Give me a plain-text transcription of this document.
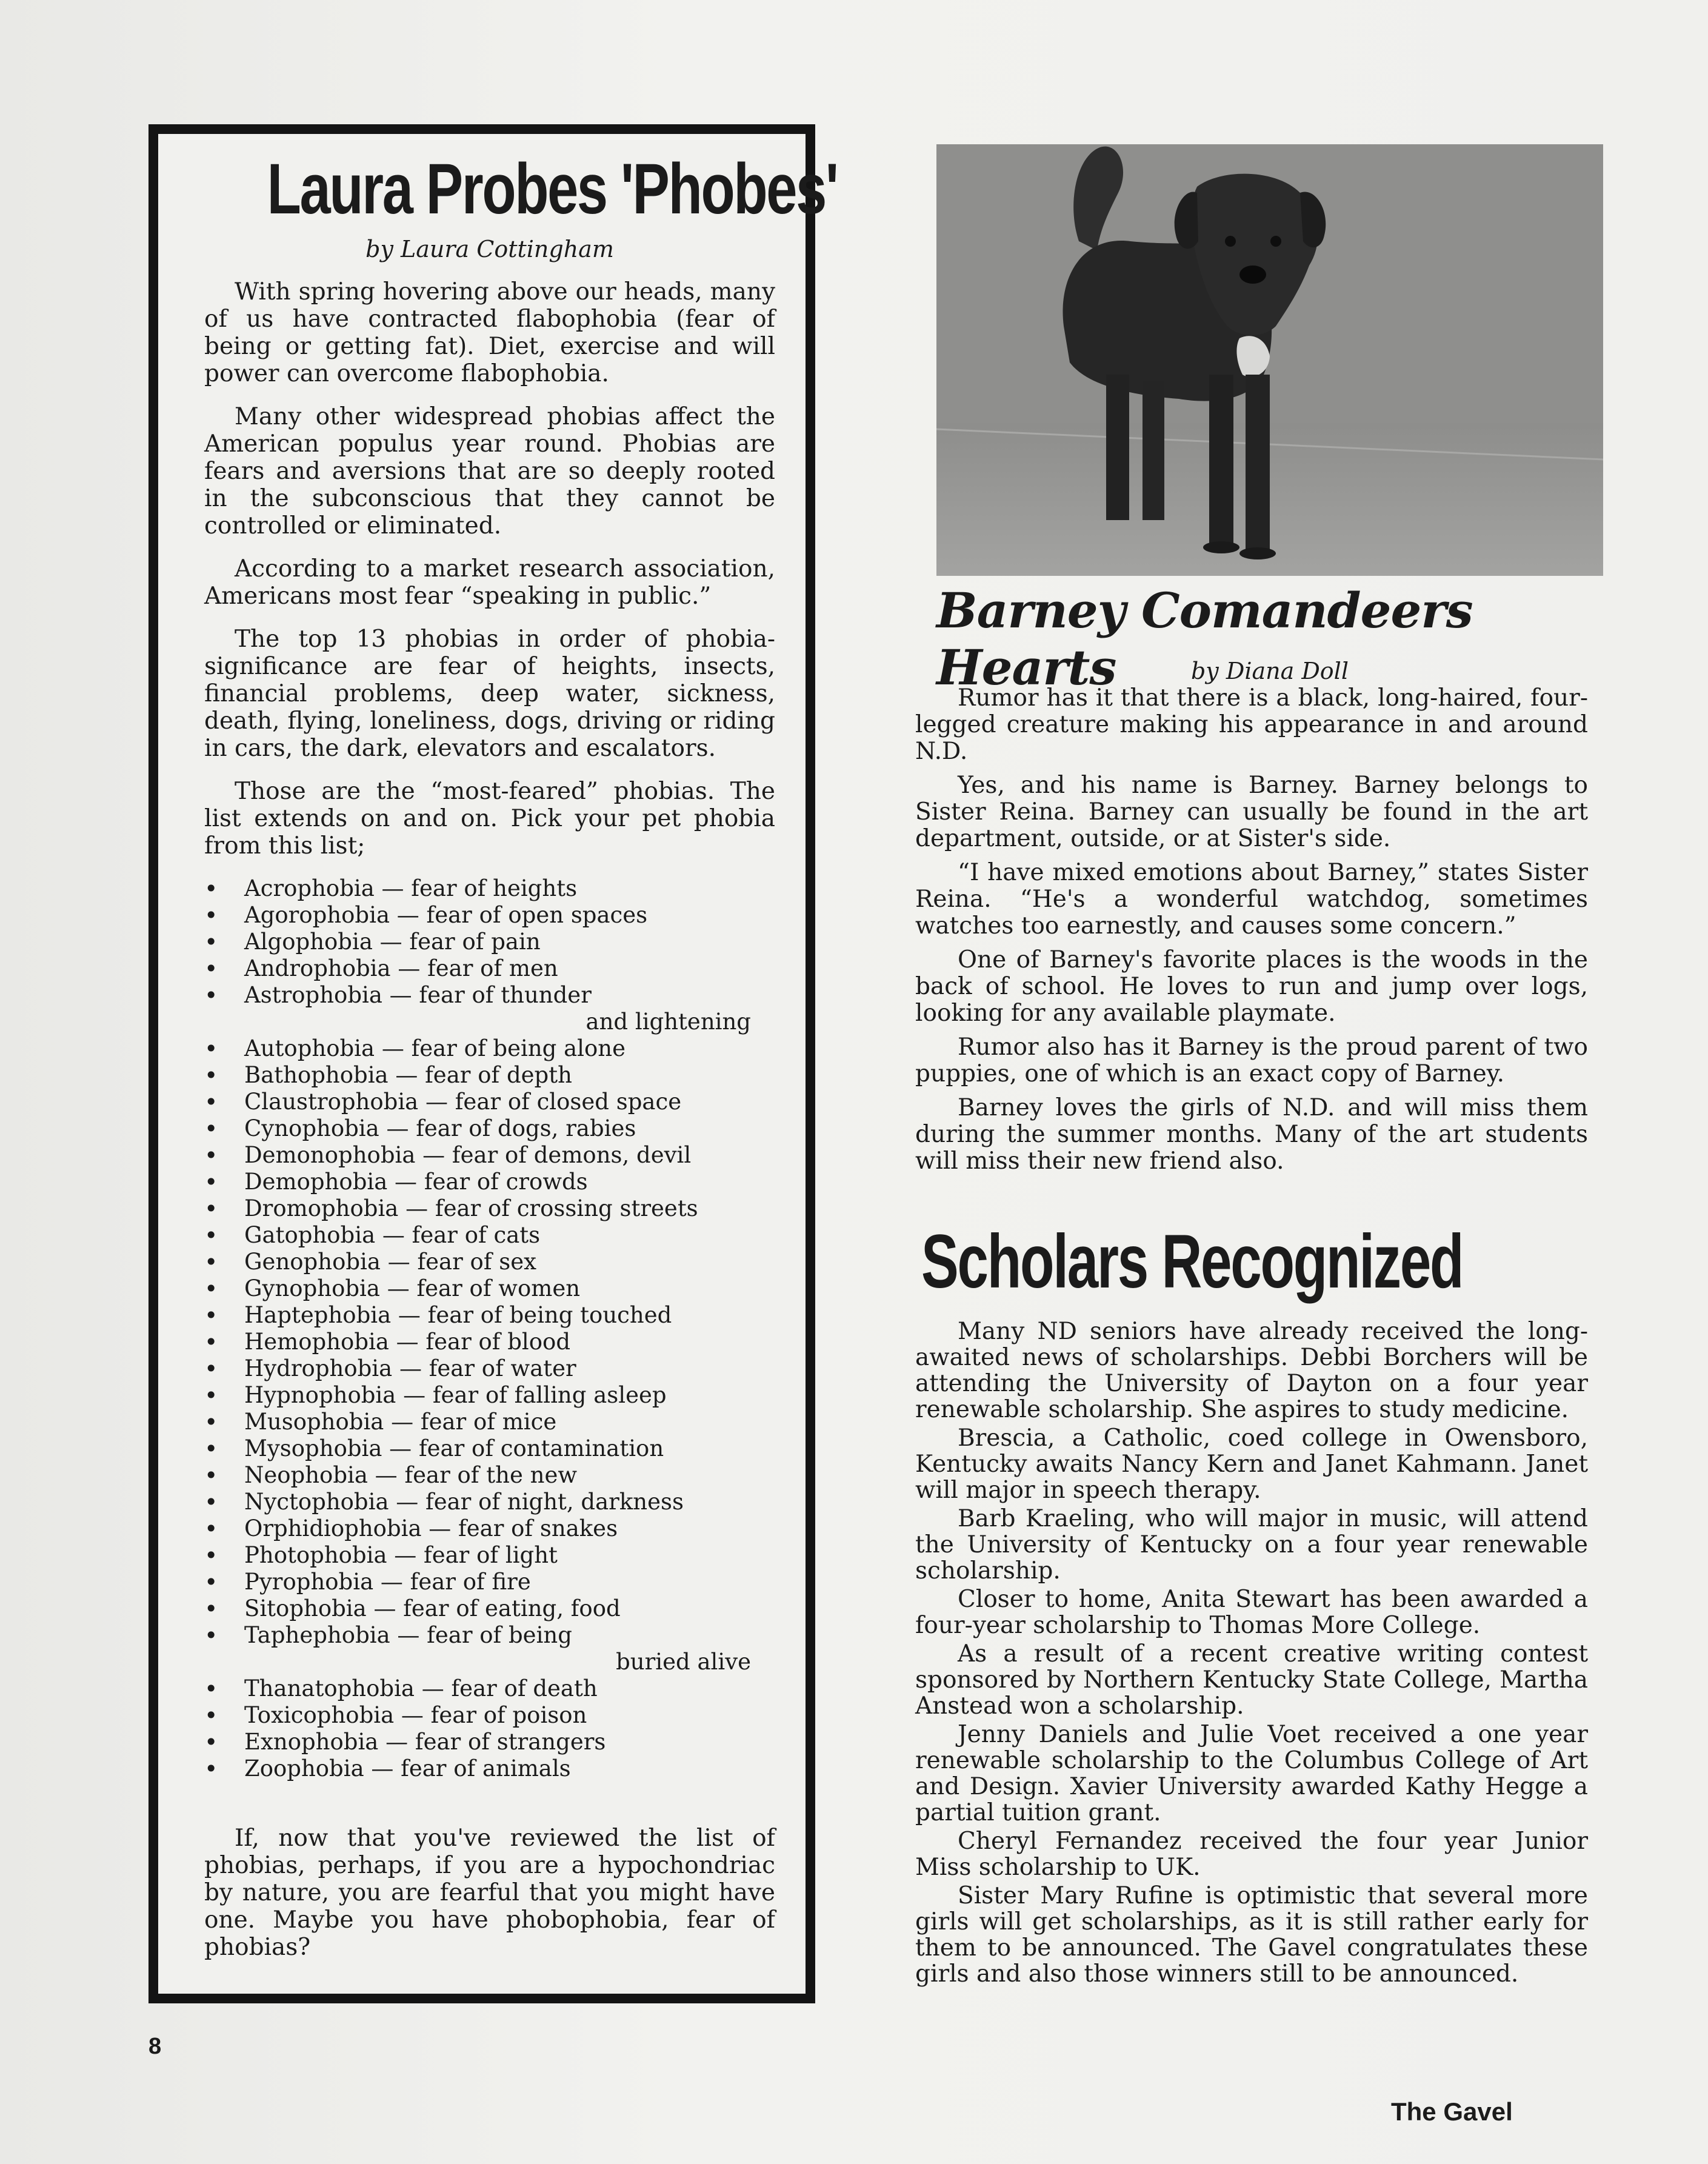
Laura Probes 'Phobes'
by Laura Cottingham

With spring hovering above our heads, many of us have contracted flabophobia (fear of being or getting fat). Diet, exercise and will power can overcome flabophobia.

Many other widespread phobias affect the American populus year round. Phobias are fears and aversions that are so deeply rooted in the subconscious that they cannot be controlled or eliminated.

According to a market research association, Americans most fear “speaking in public.”

The top 13 phobias in order of phobia-significance are fear of heights, insects, financial problems, deep water, sickness, death, flying, loneliness, dogs, driving or riding in cars, the dark, elevators and escalators.

Those are the “most-feared” phobias. The list extends on and on. Pick your pet phobia from this list;

• Acrophobia — fear of heights
• Agorophobia — fear of open spaces
• Algophobia — fear of pain
• Androphobia — fear of men
• Astrophobia — fear of thunder
and lightening
• Autophobia — fear of being alone
• Bathophobia — fear of depth
• Claustrophobia — fear of closed space
• Cynophobia — fear of dogs, rabies
• Demonophobia — fear of demons, devil
• Demophobia — fear of crowds
• Dromophobia — fear of crossing streets
• Gatophobia — fear of cats
• Genophobia — fear of sex
• Gynophobia — fear of women
• Haptephobia — fear of being touched
• Hemophobia — fear of blood
• Hydrophobia — fear of water
• Hypnophobia — fear of falling asleep
• Musophobia — fear of mice
• Mysophobia — fear of contamination
• Neophobia — fear of the new
• Nyctophobia — fear of night, darkness
• Orphidiophobia — fear of snakes
• Photophobia — fear of light
• Pyrophobia — fear of fire
• Sitophobia — fear of eating, food
• Taphephobia — fear of being
buried alive
• Thanatophobia — fear of death
• Toxicophobia — fear of poison
• Exnophobia — fear of strangers
• Zoophobia — fear of animals

If, now that you've reviewed the list of phobias, perhaps, if you are a hypochondriac by nature, you are fearful that you might have one. Maybe you have phobophobia, fear of phobias?

Barney Comandeers Hearts	by Diana Doll

Rumor has it that there is a black, long-haired, four-legged creature making his appearance in and around N.D.

Yes, and his name is Barney. Barney belongs to Sister Reina. Barney can usually be found in the art department, outside, or at Sister's side.

“I have mixed emotions about Barney,” states Sister Reina. “He's a wonderful watchdog, sometimes watches too earnestly, and causes some concern.”

One of Barney's favorite places is the woods in the back of school. He loves to run and jump over logs, looking for any available playmate.

Rumor also has it Barney is the proud parent of two puppies, one of which is an exact copy of Barney.

Barney loves the girls of N.D. and will miss them during the summer months. Many of the art students will miss their new friend also.

Scholars Recognized

Many ND seniors have already received the long-awaited news of scholarships. Debbi Borchers will be attending the University of Dayton on a four year renewable scholarship. She aspires to study medicine.

Brescia, a Catholic, coed college in Owensboro, Kentucky awaits Nancy Kern and Janet Kahmann. Janet will major in speech therapy.

Barb Kraeling, who will major in music, will attend the University of Kentucky on a four year renewable scholarship.

Closer to home, Anita Stewart has been awarded a four-year scholarship to Thomas More College.

As a result of a recent creative writing contest sponsored by Northern Kentucky State College, Martha Anstead won a scholarship.

Jenny Daniels and Julie Voet received a one year renewable scholarship to the Columbus College of Art and Design. Xavier University awarded Kathy Hegge a partial tuition grant.

Cheryl Fernandez received the four year Junior Miss scholarship to UK.

Sister Mary Rufine is optimistic that several more girls will get scholarships, as it is still rather early for them to be announced. The Gavel congratulates these girls and also those winners still to be announced.

8
The Gavel
